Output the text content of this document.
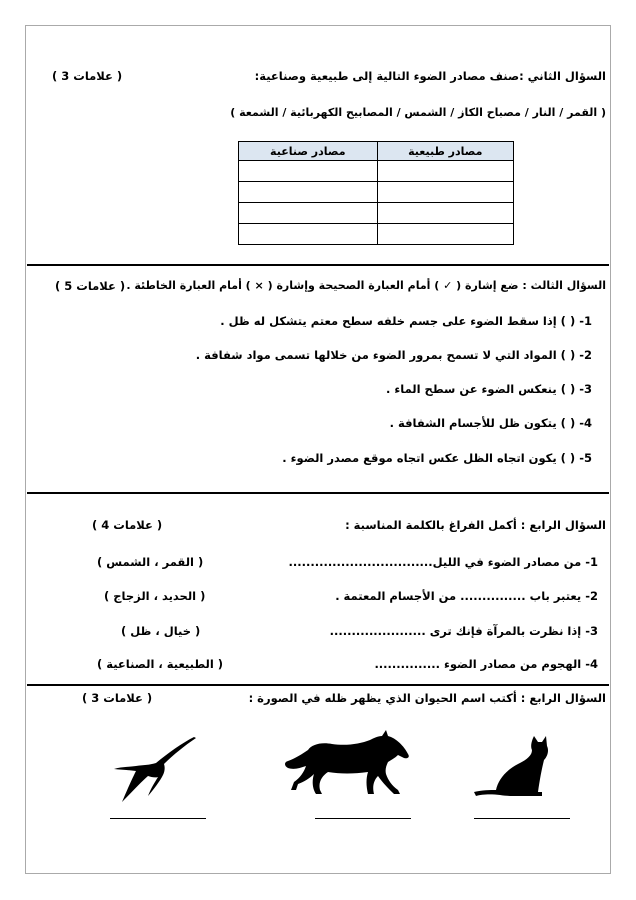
السؤال الثاني :صنف مصادر الضوء التالية إلى طبيعية وصناعية:
( 3 علامات )
( القمر / النار / مصباح الكاز / الشمس / المصابيح الكهربائية / الشمعة )
مصادر طبيعية	مصادر صناعية

السؤال الثالث : ضع إشارة ( ✓ ) أمام العبارة الصحيحة وإشارة ( × ) أمام العبارة الخاطئة .
( 5 علامات )
1- ( ) إذا سقط الضوء على جسم خلفه سطح معتم يتشكل له ظل .
2- ( ) المواد التي لا تسمح بمرور الضوء من خلالها تسمى مواد شفافة .
3- ( ) ينعكس الضوء عن سطح الماء .
4- ( ) يتكون ظل للأجسام الشفافة .
5- ( ) يكون اتجاه الظل عكس اتجاه موقع مصدر الضوء .
السؤال الرابع : أكمل الفراغ بالكلمة المناسبة :
( 4 علامات )
1- من مصادر الضوء في الليل.................................
( القمر ، الشمس )
2- يعتبر باب ............... من الأجسام المعتمة .
( الحديد ، الزجاج )
3- إذا نظرت بالمرآة فإنك ترى ......................
( خيال ، ظل )
4- الهجوم من مصادر الضوء ...............
( الطبيعية ، الصناعية )
السؤال الرابع : أكتب اسم الحيوان الذي يظهر ظله في الصورة :
( 3 علامات )
